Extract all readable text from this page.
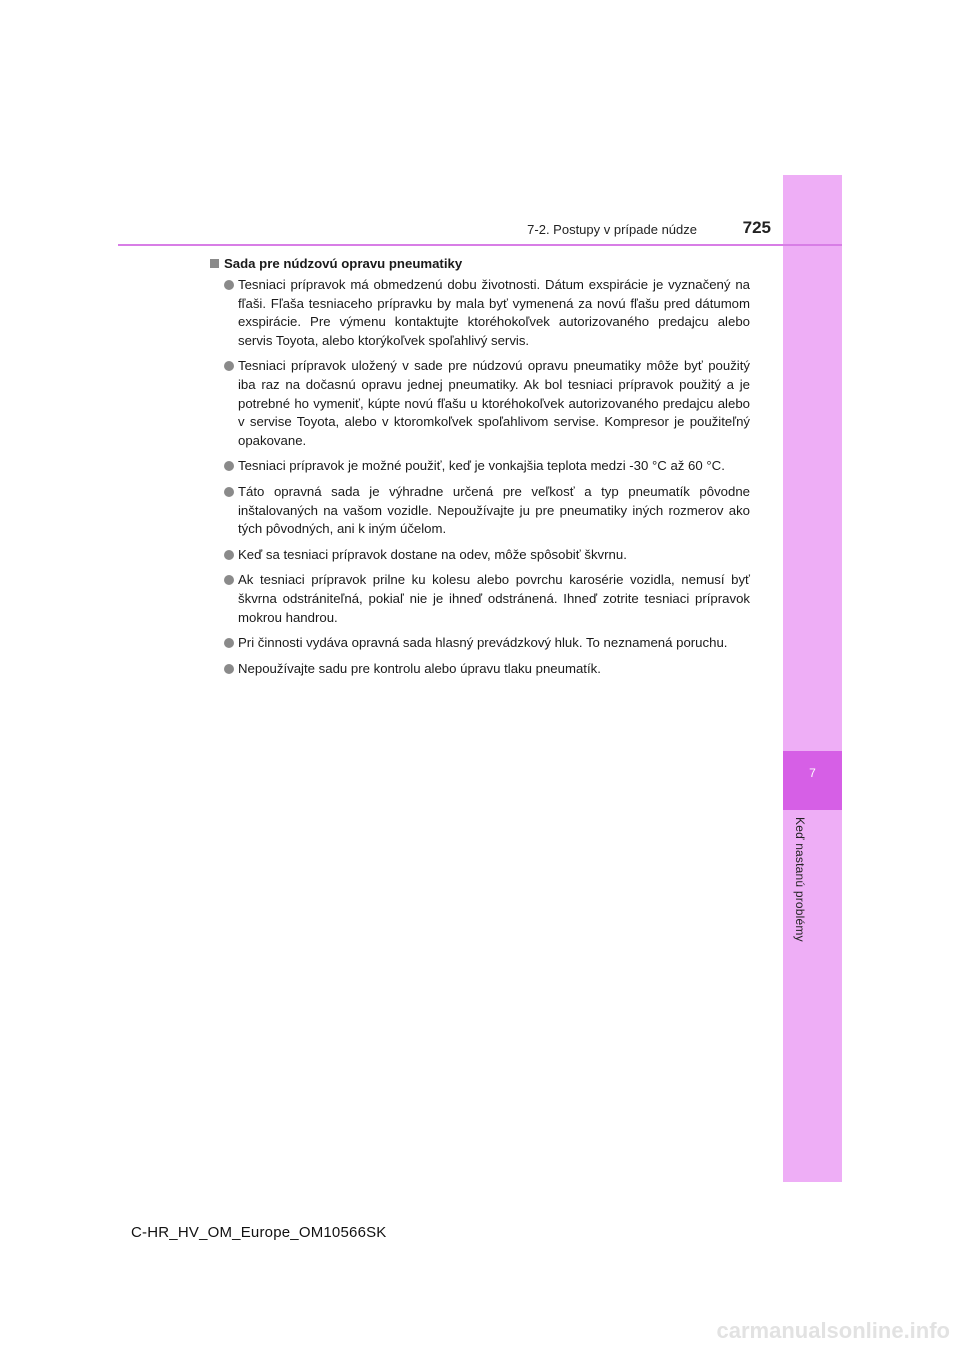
7
Keď nastanú problémy
7-2. Postupy v prípade núdze	725
Sada pre núdzovú opravu pneumatiky
Tesniaci prípravok má obmedzenú dobu životnosti. Dátum exspirácie je vyznačený na fľaši. Fľaša tesniaceho prípravku by mala byť vymenená za novú fľašu pred dátumom exspirácie. Pre výmenu kontaktujte ktoréhokoľvek autorizovaného predajcu alebo servis Toyota, alebo ktorýkoľvek spoľahlivý servis.
Tesniaci prípravok uložený v sade pre núdzovú opravu pneumatiky môže byť použitý iba raz na dočasnú opravu jednej pneumatiky. Ak bol tesniaci prípravok použitý a je potrebné ho vymeniť, kúpte novú fľašu u ktoréhokoľvek autorizovaného predajcu alebo v servise Toyota, alebo v ktoromkoľvek spoľahlivom servise. Kompresor je použiteľný opakovane.
Tesniaci prípravok je možné použiť, keď je vonkajšia teplota medzi -30 °C až 60 °C.
Táto opravná sada je výhradne určená pre veľkosť a typ pneumatík pôvodne inštalovaných na vašom vozidle. Nepoužívajte ju pre pneumatiky iných rozmerov ako tých pôvodných, ani k iným účelom.
Keď sa tesniaci prípravok dostane na odev, môže spôsobiť škvrnu.
Ak tesniaci prípravok prilne ku kolesu alebo povrchu karosérie vozidla, nemusí byť škvrna odstrániteľná, pokiaľ nie je ihneď odstránená. Ihneď zotrite tesniaci prípravok mokrou handrou.
Pri činnosti vydáva opravná sada hlasný prevádzkový hluk. To neznamená poruchu.
Nepoužívajte sadu pre kontrolu alebo úpravu tlaku pneumatík.
C-HR_HV_OM_Europe_OM10566SK
carmanualsonline.info
